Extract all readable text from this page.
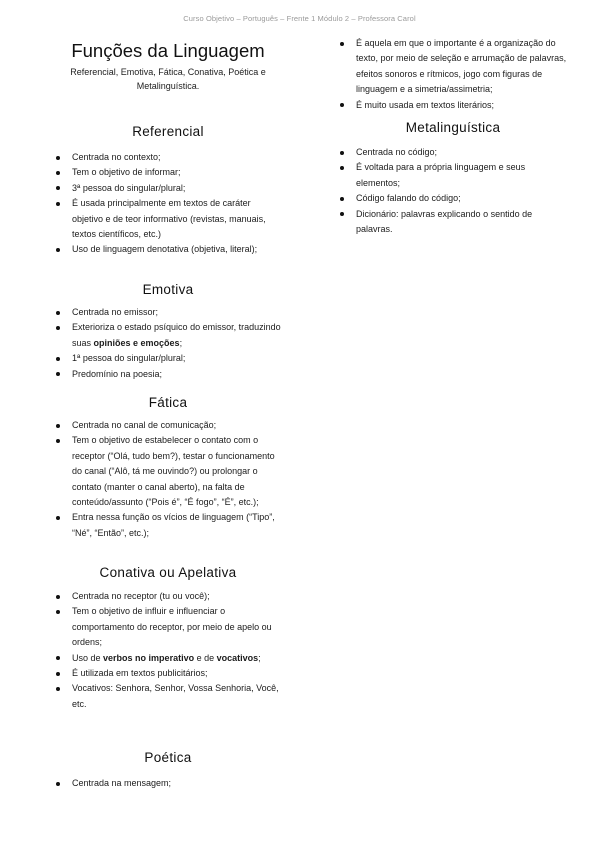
Curso Objetivo – Português – Frente 1 Módulo 2 – Professora Carol
Funções da Linguagem
Referencial, Emotiva, Fática, Conativa, Poética e Metalinguística.
Referencial
Centrada no contexto;
Tem o objetivo de informar;
3ª pessoa do singular/plural;
É usada principalmente em textos de caráter objetivo e de teor informativo (revistas, manuais, textos científicos, etc.)
Uso de linguagem denotativa (objetiva, literal);
Emotiva
Centrada no emissor;
Exterioriza o estado psíquico do emissor, traduzindo suas opiniões e emoções;
1ª pessoa do singular/plural;
Predomínio na poesia;
Fática
Centrada no canal de comunicação;
Tem o objetivo de estabelecer o contato com o receptor (“Olá, tudo bem?), testar o funcionamento do canal (“Alô, tá me ouvindo?) ou prolongar o contato (manter o canal aberto), na falta de conteúdo/assunto (“Pois é”, “É fogo”, “É”, etc.);
Entra nessa função os vícios de linguagem (“Tipo”, “Né”, “Então”, etc.);
Conativa ou Apelativa
Centrada no receptor (tu ou você);
Tem o objetivo de influir e influenciar o comportamento do receptor, por meio de apelo ou ordens;
Uso de verbos no imperativo e de vocativos;
É utilizada em textos publicitários;
Vocativos: Senhora, Senhor, Vossa Senhoria, Você, etc.
Poética
Centrada na mensagem;
É aquela em que o importante é a organização do texto, por meio de seleção e arrumação de palavras, efeitos sonoros e rítmicos, jogo com figuras de linguagem e a simetria/assimetria;
É muito usada em textos literários;
Metalinguística
Centrada no código;
É voltada para a própria linguagem e seus elementos;
Código falando do código;
Dicionário: palavras explicando o sentido de palavras.
